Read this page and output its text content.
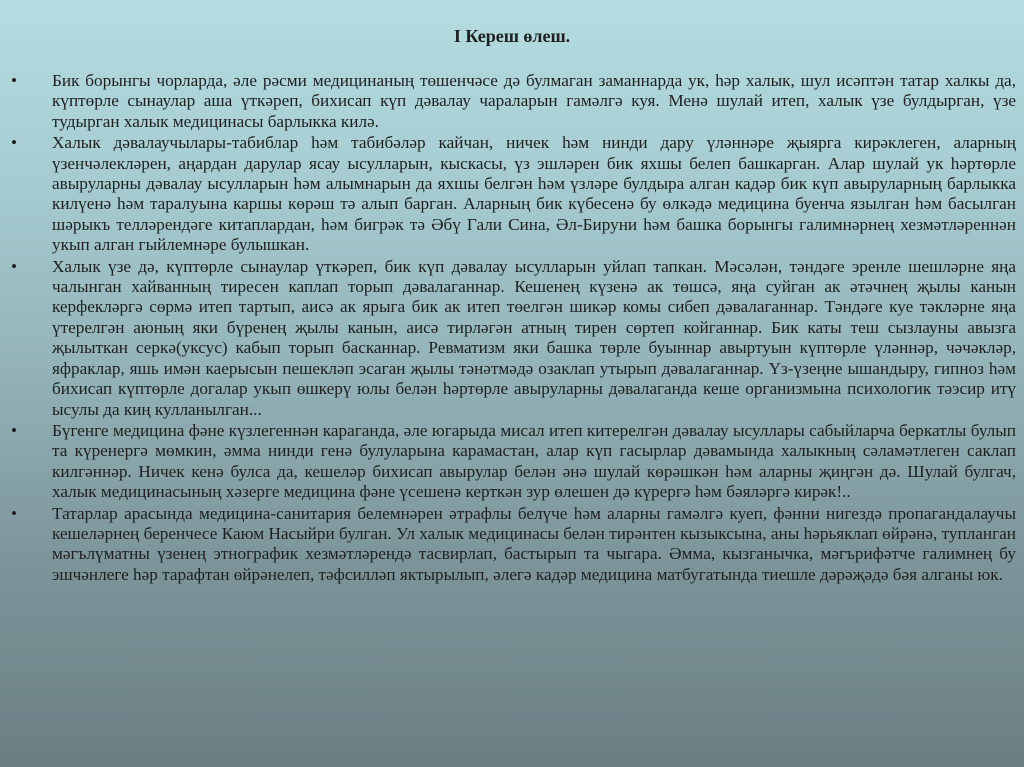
I Кереш өлеш.
• Бик борынгы чорларда, әле рәсми медицинаның төшенчәсе дә булмаган заманнарда ук, һәр халык, шул исәптән татар халкы да, күптөрле сынаулар аша үткәреп, бихисап күп дәвалау чараларын гамәлгә куя. Менә шулай итеп, халык үзе булдырган, үзе тудырган халык медицинасы барлыкка килә.
• Халык дәвалаучылары-табиблар һәм табибәләр кайчан, ничек һәм нинди дару үләннәре җыярга кирәклеген, аларның үзенчәлекләрен, аңардан дарулар ясау ысулларын, кыскасы, үз эшләрен бик яхшы белеп башкарган. Алар шулай ук һәртөрле авыруларны дәвалау ысулларын һәм алымнарын да яхшы белгән һәм үзләре булдыра алган кадәр бик күп авыруларның барлыкка килүенә һәм таралуына каршы көрәш тә алып барган. Аларның бик күбесенә бу өлкәдә медицина буенча язылган һәм басылган шәрыкъ телләрендәге китаплардан, һәм бигрәк тә Әбү Гали Сина, Әл-Бируни һәм башка борынгы галимнәрнең хезмәтләреннән укып алган гыйлемнәре булышкан.
• Халык үзе дә, күптөрле сынаулар үткәреп, бик күп дәвалау ысулларын уйлап тапкан. Мәсәлән, тәндәге эренле шешләрне яңа чалынган хайванның тиресен каплап торып дәвалаганнар. Кешенең күзенә ак төшсә, яңа суйган ак әтәчнең җылы канын керфекләргә сөрмә итеп тартып, аисә ак ярыга бик ак итеп төелгән шикәр комы сибеп дәвалаганнар. Тәндәге куе тәкләрне яңа үтерелгән аюның яки бүренең җылы канын, аисә тирләгән атның тирен сөртеп койганнар. Бик каты теш сызлауны авызга җылыткан серкә(уксус) кабып торып басканнар. Ревматизм яки башка төрле буыннар авыртуын күптөрле үләннәр, чәчәкләр, яфраклар, яшь имән каерысын пешекләп эсаган җылы тәнәтмәдә озаклап утырып дәвалаганнар. Үз-үзеңне ышандыру, гипноз һәм бихисап күптөрле догалар укып өшкерү юлы белән һәртөрле авыруларны дәвалаганда кеше организмына психологик тәэсир итү ысулы да киң кулланылган...
• Бүгенге медицина фәне күзлегеннән караганда, әле югарыда мисал итеп китерелгән дәвалау ысуллары сабыйларча беркатлы булып та күренергә мөмкин, әмма нинди генә булуларына карамастан, алар күп гасырлар дәвамында халыкның сәламәтлеген саклап килгәннәр. Ничек кенә булса да, кешеләр бихисап авырулар белән әнә шулай көрәшкән һәм аларны җиңгән дә. Шулай булгач, халык медицинасының хәзерге медицина фәне үсешенә керткән зур өлешен дә күрергә һәм бәяләргә кирәк!..
• Татарлар арасында медицина-санитария белемнәрен әтрафлы белүче һәм аларны гамәлгә куеп, фәнни нигездә пропагандалаучы кешеләрнең беренчесе Каюм Насыйри булган. Ул халык медицинасы белән тирәнтен кызыксына, аны һәрьяклап өйрәнә, тупланган мәгълүматны үзенең этнографик хезмәтләрендә тасвирлап, бастырып та чыгара. Әмма, кызганычка, мәгърифәтче галимнең бу эшчәнлеге һәр тарафтан өйрәнелеп, тәфсилләп яктырылып, әлегә кадәр медицина матбугатында тиешле дәрәҗәдә бәя алганы юк.
